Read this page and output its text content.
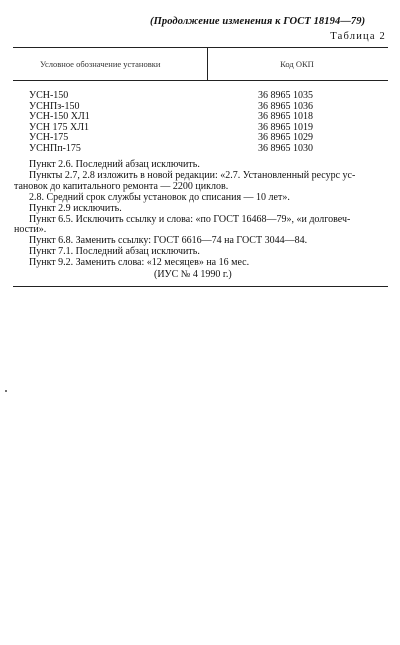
(Продолжение изменения к ГОСТ 18194—79)
Таблица 2
Условное обозначение установки	Код ОКП
УСН-150	36 8965 1035
УСНПз-150	36 8965 1036
УСН-150 ХЛ1	36 8965 1018
УСН 175 ХЛ1	36 8965 1019
УСН-175	36 8965 1029
УСНПп-175	36 8965 1030

Пункт 2.6. Последний абзац исключить.

Пункты 2.7, 2.8 изложить в новой редакции: «2.7. Установленный ресурс ус-
тановок до капитального ремонта — 2200 циклов.

2.8. Средний срок службы установок до списания — 10 лет».

Пункт 2.9 исключить.

Пункт 6.5. Исключить ссылку и слова: «по ГОСТ 16468—79», «и долговеч-
ности».

Пункт 6.8. Заменить ссылку: ГОСТ 6616—74 на ГОСТ 3044—84.

Пункт 7.1. Последний абзац исключить.

Пункт 9.2. Заменить слова: «12 месяцев» на 16 мес.

(ИУС № 4 1990 г.)
